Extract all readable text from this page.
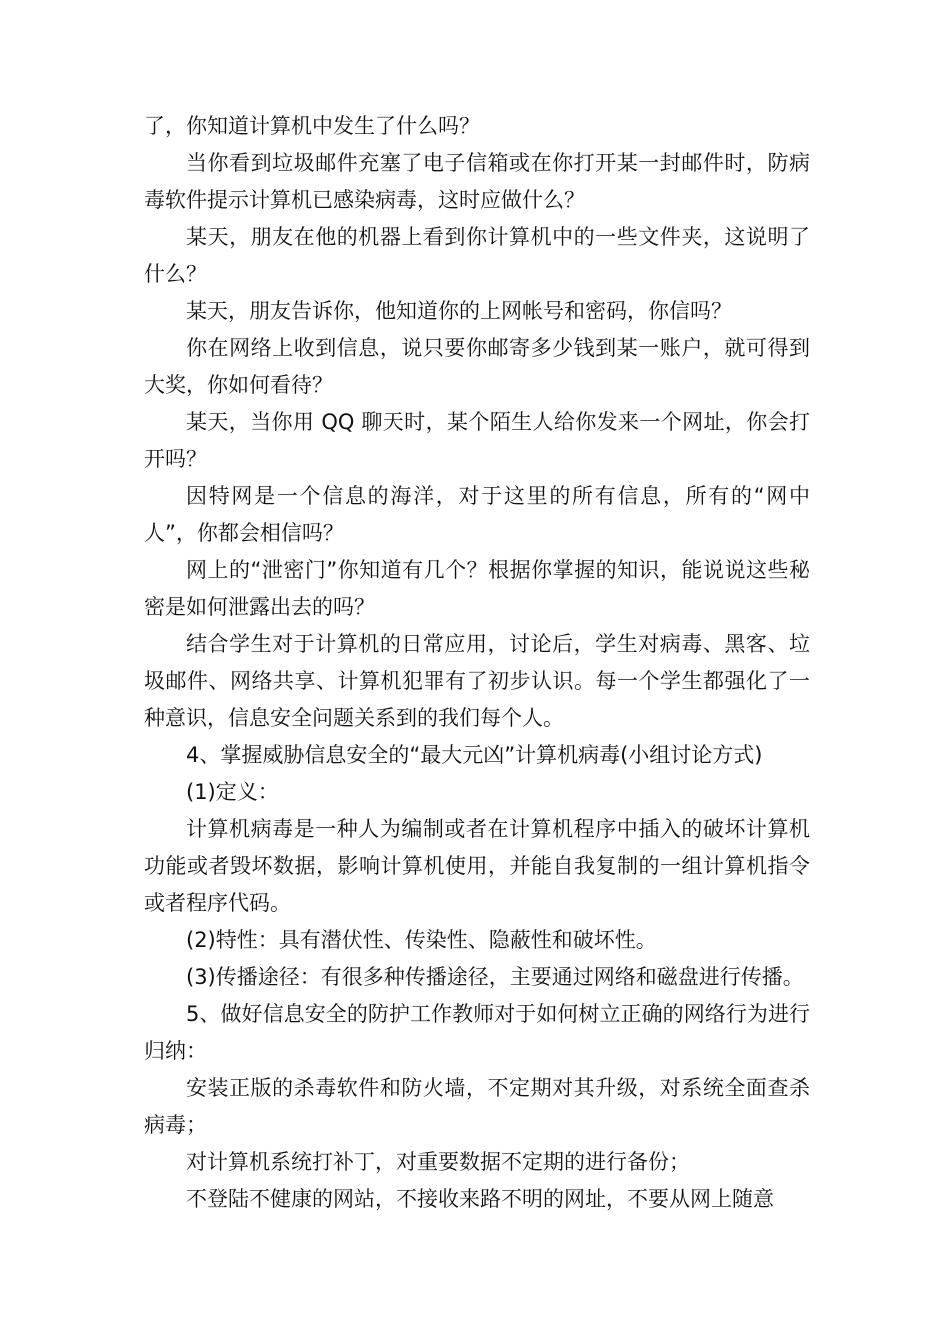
了，你知道计算机中发生了什么吗？

当你看到垃圾邮件充塞了电子信箱或在你打开某一封邮件时，防病毒软件提示计算机已感染病毒，这时应做什么？

某天，朋友在他的机器上看到你计算机中的一些文件夹，这说明了什么？

某天，朋友告诉你，他知道你的上网帐号和密码，你信吗？

你在网络上收到信息，说只要你邮寄多少钱到某一账户，就可得到大奖，你如何看待？

某天，当你用 QQ 聊天时，某个陌生人给你发来一个网址，你会打开吗？

因特网是一个信息的海洋，对于这里的所有信息，所有的“网中人”，你都会相信吗？

网上的“泄密门”你知道有几个？根据你掌握的知识，能说说这些秘密是如何泄露出去的吗？

结合学生对于计算机的日常应用，讨论后，学生对病毒、黑客、垃圾邮件、网络共享、计算机犯罪有了初步认识。每一个学生都强化了一种意识，信息安全问题关系到的我们每个人。

4、掌握威胁信息安全的“最大元凶”计算机病毒(小组讨论方式)

(1)定义：

计算机病毒是一种人为编制或者在计算机程序中插入的破坏计算机功能或者毁坏数据，影响计算机使用，并能自我复制的一组计算机指令或者程序代码。

(2)特性：具有潜伏性、传染性、隐蔽性和破坏性。

(3)传播途径：有很多种传播途径，主要通过网络和磁盘进行传播。

5、做好信息安全的防护工作教师对于如何树立正确的网络行为进行归纳：

安装正版的杀毒软件和防火墙，不定期对其升级，对系统全面查杀病毒；

对计算机系统打补丁，对重要数据不定期的进行备份；

不登陆不健康的网站，不接收来路不明的网址，不要从网上随意
